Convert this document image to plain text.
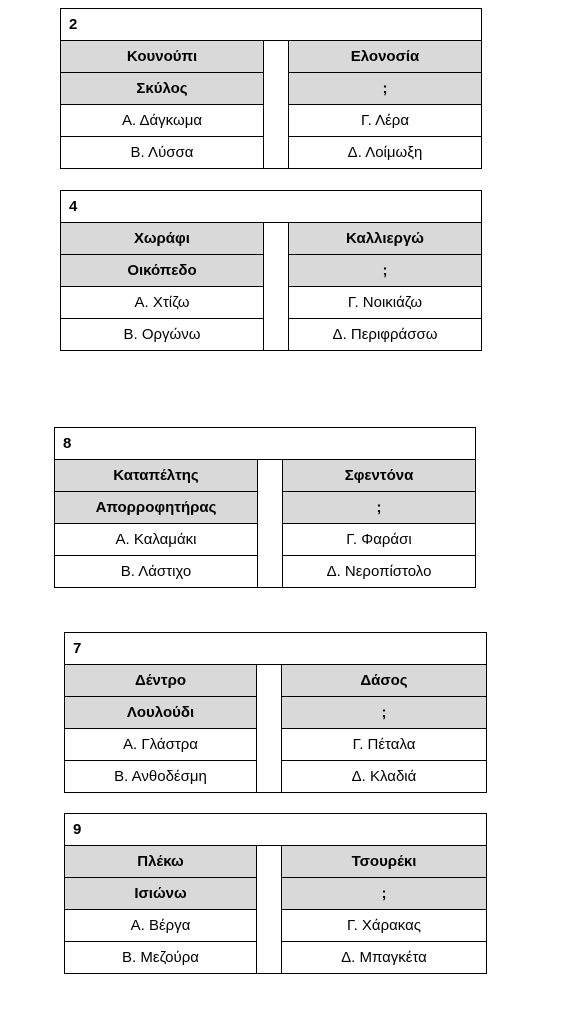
2		
Κουνούπι		Ελονοσία
Σκύλος		;
Α. Δάγκωμα		Γ. Λέρα
Β. Λύσσα		Δ. Λοίμωξη
4		
Χωράφι		Καλλιεργώ
Οικόπεδο		;
Α. Χτίζω		Γ. Νοικιάζω
Β. Οργώνω		Δ. Περιφράσσω
8		
Καταπέλτης		Σφεντόνα
Απορροφητήρας		;
Α. Καλαμάκι		Γ. Φαράσι
Β. Λάστιχο		Δ. Νεροπίστολο
7		
Δέντρο		Δάσος
Λουλούδι		;
Α. Γλάστρα		Γ. Πέταλα
Β. Ανθοδέσμη		Δ. Κλαδιά
9		
Πλέκω		Τσουρέκι
Ισιώνω		;
Α. Βέργα		Γ. Χάρακας
Β. Μεζούρα		Δ. Μπαγκέτα
